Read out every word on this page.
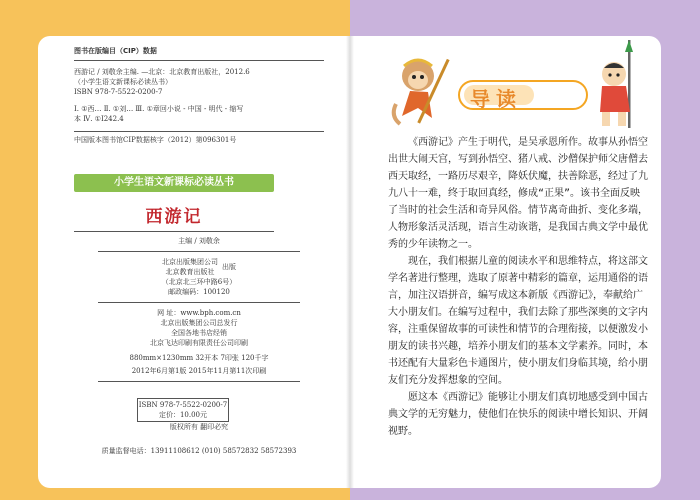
图书在版编目（CIP）数据
西游记 / 刘敬余主编. —北京：北京教育出版社，2012.6
（小学生语文新课标必读丛书）
ISBN 978-7-5522-0200-7
Ⅰ. ①西… Ⅱ. ①刘… Ⅲ. ①章回小说 - 中国 - 明代 - 缩写
本 Ⅳ. ①I242.4
中国版本图书馆CIP数据核字（2012）第096301号
小学生语文新课标必读丛书
西游记
主编 / 刘敬余
北京出版集团公司
北京教育出版社
出版
（北京北三环中路6号）
邮政编码：100120
网 址：www.bph.com.cn
北京出版集团公司总发行
全国各地书店经销
北京飞达印刷有限责任公司印刷
880mm×1230mm 32开本 7印张 120千字
2012年6月第1版 2015年11月第11次印刷
ISBN 978-7-5522-0200-7
定价：10.00元
版权所有 翻印必究
质量监督电话：13911108612 (010) 58572832 58572393
导读

《西游记》产生于明代，是吴承恩所作。故事从孙悟空出世大闹天宫，写到孙悟空、猪八戒、沙僧保护师父唐僧去西天取经，一路历尽艰辛，降妖伏魔，扶善除恶，经过了九九八十一难，终于取回真经，修成“正果”。该书全面反映了当时的社会生活和奇异风俗。情节离奇曲折、变化多端，人物形象活灵活现，语言生动诙谐，是我国古典文学中最优秀的少年读物之一。

现在，我们根据儿童的阅读水平和思维特点，将这部文学名著进行整理，选取了原著中精彩的篇章，运用通俗的语言，加注汉语拼音，编写成这本新版《西游记》，奉献给广大小朋友们。在编写过程中，我们去除了那些深奥的文字内容，注重保留故事的可读性和情节的合理衔接，以便激发小朋友的读书兴趣，培养小朋友们的基本文学素养。同时，本书还配有大量彩色卡通图片，使小朋友们身临其境，给小朋友们充分发挥想象的空间。

愿这本《西游记》能够让小朋友们真切地感受到中国古典文学的无穷魅力，使他们在快乐的阅读中增长知识、开阔视野。
